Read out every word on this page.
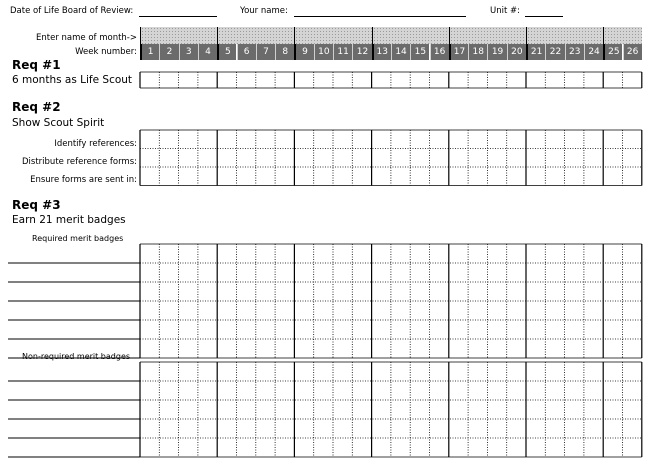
Date of Life Board of Review:	Your name:	Unit #:
Enter name of month->
Week number:	1	2	3	4	5	6	7	8	9	10 11 12 13 14 15 16 17 18 19 20 21 22 23 24 25 26
Req #1
6 months as Life Scout
Req #2
Show Scout Spirit
Identify references:
Distribute reference forms:
Ensure forms are sent in:
Req #3
Earn 21 merit badges
Required merit badges
Non-required merit badges
